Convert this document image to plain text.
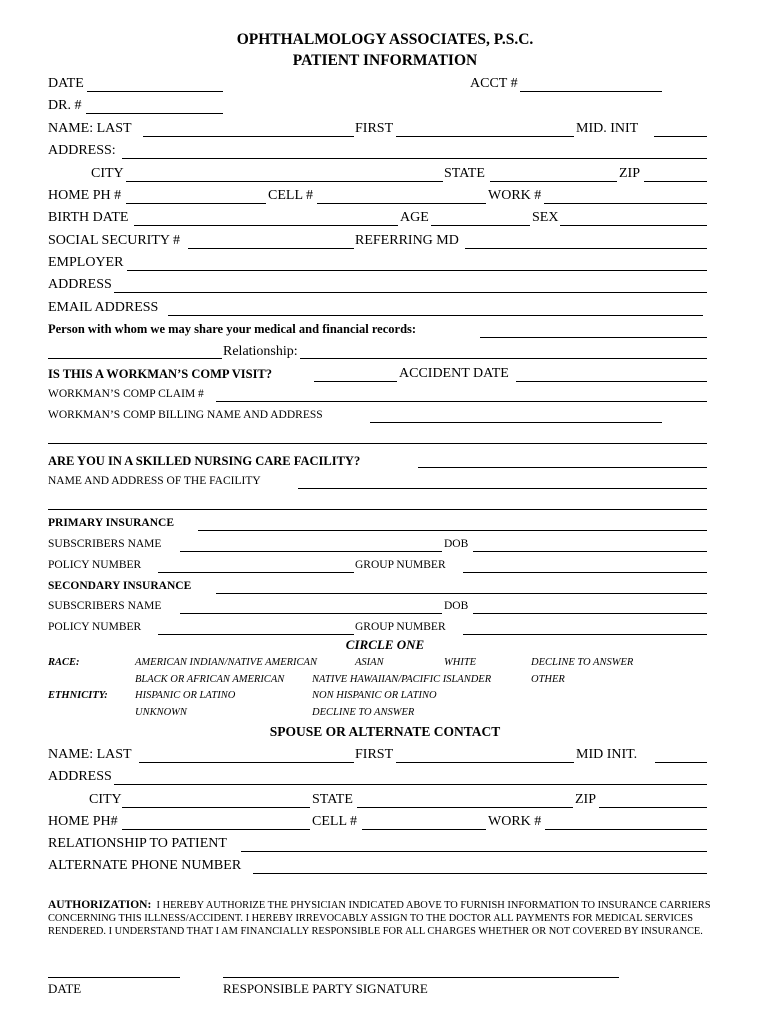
OPHTHALMOLOGY ASSOCIATES, P.S.C.
PATIENT INFORMATION
DATE	ACCT #
DR. #
NAME: LAST	FIRST	MID. INIT
ADDRESS:
CITY	STATE	ZIP
HOME PH #	CELL #	WORK #
BIRTH DATE	AGE	SEX
SOCIAL SECURITY #	REFERRING MD
EMPLOYER
ADDRESS
EMAIL ADDRESS
Person with whom we may share your medical and financial records:
Relationship:
IS THIS A WORKMAN’S COMP VISIT?	ACCIDENT DATE
WORKMAN’S COMP CLAIM #
WORKMAN’S COMP BILLING NAME AND ADDRESS
ARE YOU IN A SKILLED NURSING CARE FACILITY?
NAME AND ADDRESS OF THE FACILITY
PRIMARY INSURANCE
SUBSCRIBERS NAME	DOB
POLICY NUMBER	GROUP NUMBER
SECONDARY INSURANCE
SUBSCRIBERS NAME	DOB
POLICY NUMBER	GROUP NUMBER
CIRCLE ONE
RACE:	AMERICAN INDIAN/NATIVE AMERICAN	ASIAN	WHITE	DECLINE TO ANSWER
BLACK OR AFRICAN AMERICAN	NATIVE HAWAIIAN/PACIFIC ISLANDER	OTHER
ETHNICITY:	HISPANIC OR LATINO	NON HISPANIC OR LATINO
UNKNOWN	DECLINE TO ANSWER
SPOUSE OR ALTERNATE CONTACT
NAME: LAST	FIRST	MID INIT.
ADDRESS
CITY	STATE	ZIP
HOME PH#	CELL #	WORK #
RELATIONSHIP TO PATIENT
ALTERNATE PHONE NUMBER
AUTHORIZATION: I HEREBY AUTHORIZE THE PHYSICIAN INDICATED ABOVE TO FURNISH INFORMATION TO INSURANCE CARRIERS CONCERNING THIS ILLNESS/ACCIDENT. I HEREBY IRREVOCABLY ASSIGN TO THE DOCTOR ALL PAYMENTS FOR MEDICAL SERVICES RENDERED. I UNDERSTAND THAT I AM FINANCIALLY RESPONSIBLE FOR ALL CHARGES WHETHER OR NOT COVERED BY INSURANCE.
DATE	RESPONSIBLE PARTY SIGNATURE
